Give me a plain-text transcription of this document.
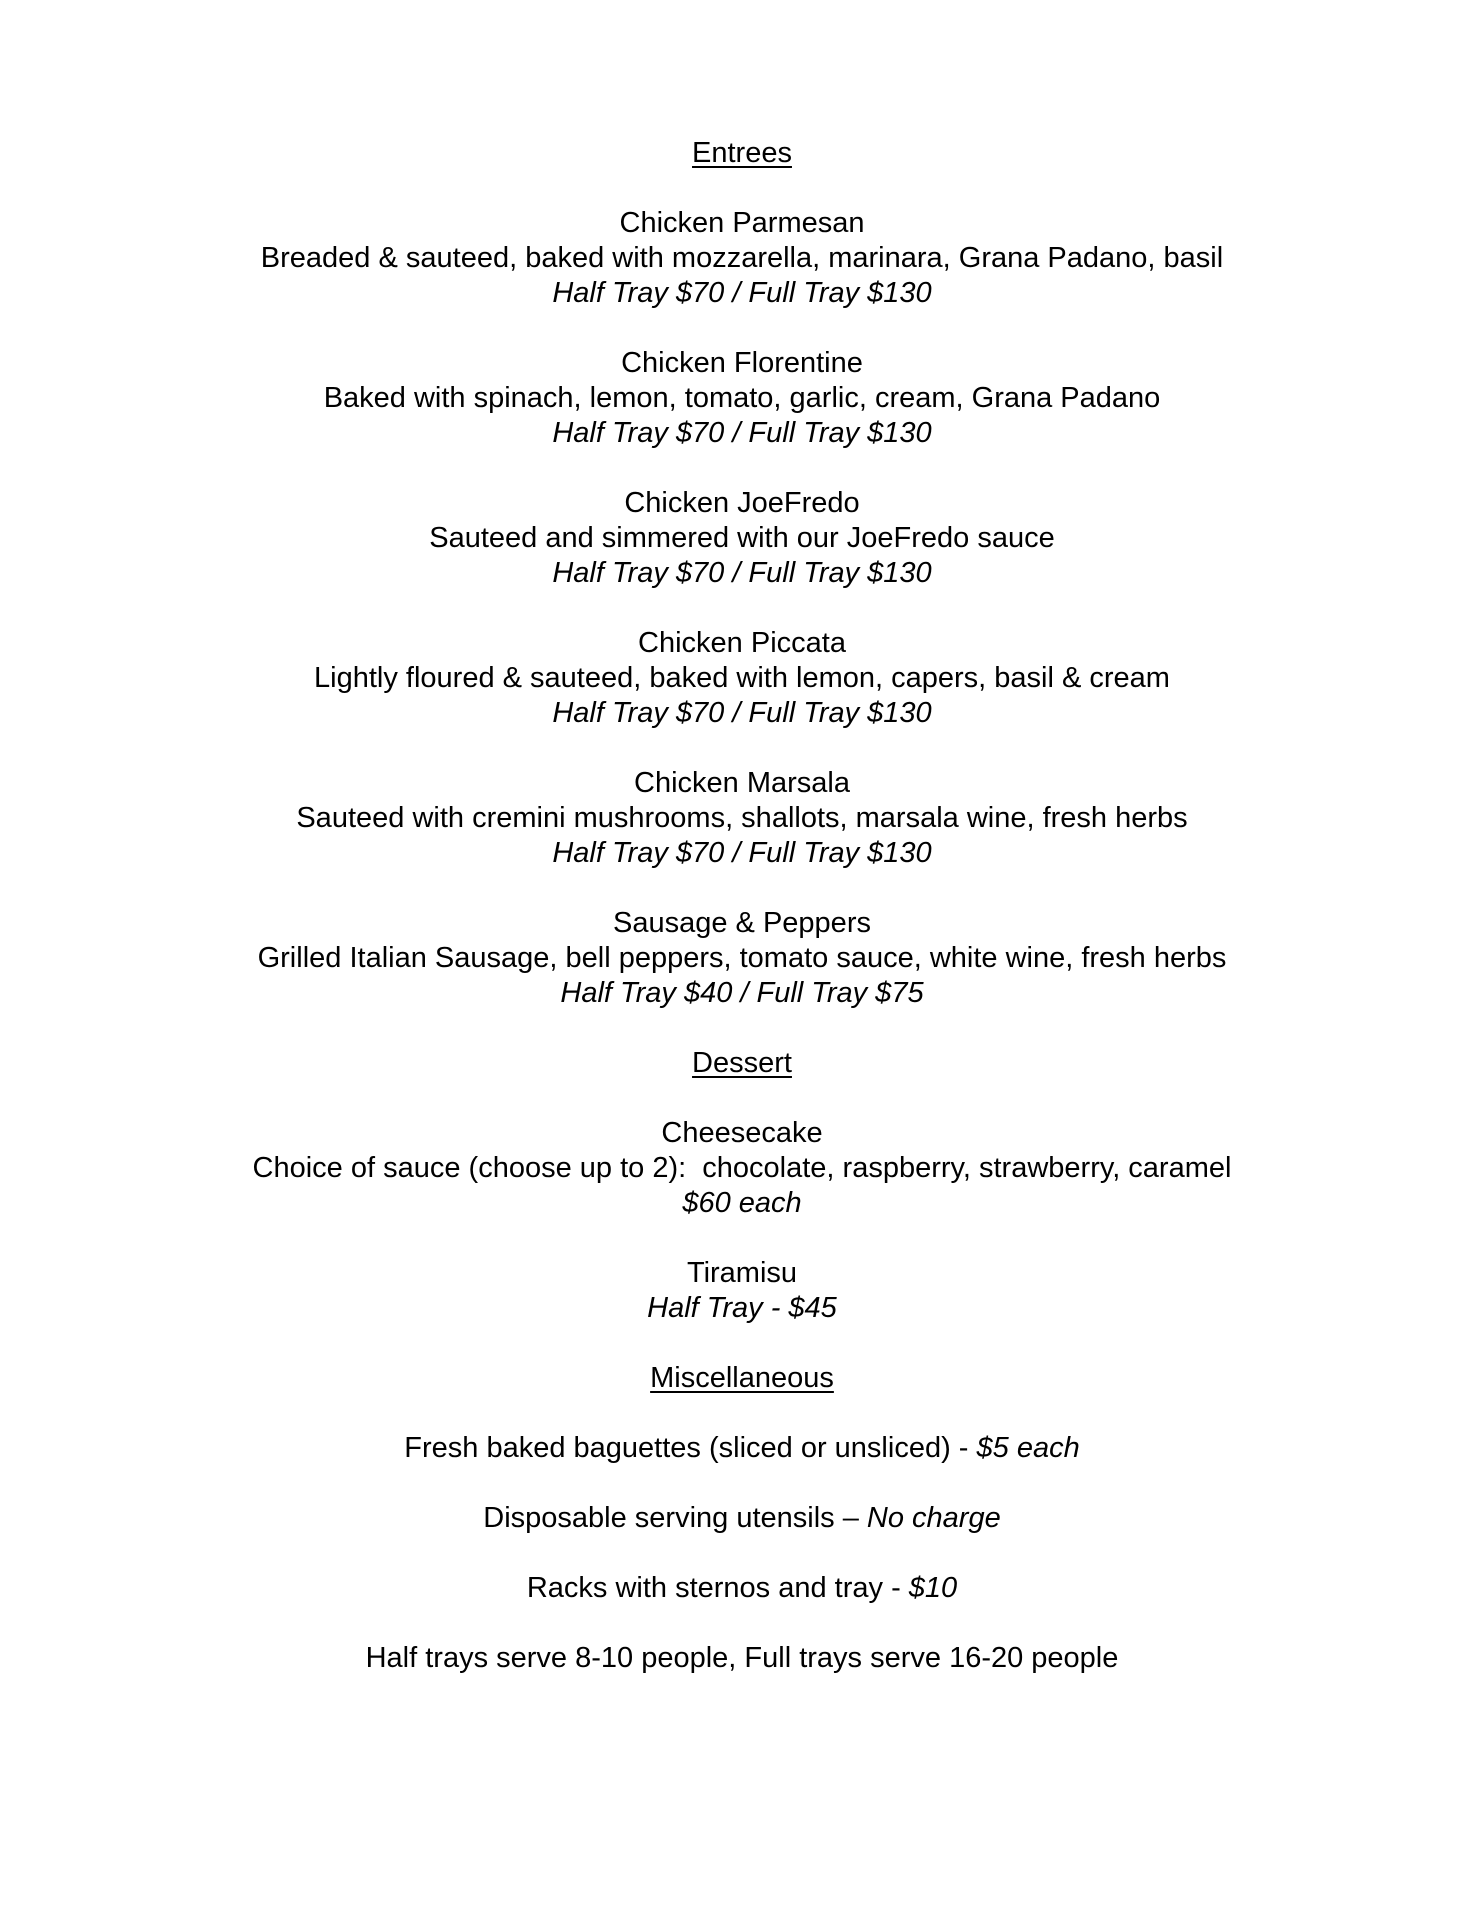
Entrees
Chicken Parmesan
Breaded & sauteed, baked with mozzarella, marinara, Grana Padano, basil
Half Tray $70 / Full Tray $130
Chicken Florentine
Baked with spinach, lemon, tomato, garlic, cream, Grana Padano
Half Tray $70 / Full Tray $130
Chicken JoeFredo
Sauteed and simmered with our JoeFredo sauce
Half Tray $70 / Full Tray $130
Chicken Piccata
Lightly floured & sauteed, baked with lemon, capers, basil & cream
Half Tray $70 / Full Tray $130
Chicken Marsala
Sauteed with cremini mushrooms, shallots, marsala wine, fresh herbs
Half Tray $70 / Full Tray $130
Sausage & Peppers
Grilled Italian Sausage, bell peppers, tomato sauce, white wine, fresh herbs
Half Tray $40 / Full Tray $75
Dessert
Cheesecake
Choice of sauce (choose up to 2):  chocolate, raspberry, strawberry, caramel
$60 each
Tiramisu
Half Tray - $45
Miscellaneous
Fresh baked baguettes (sliced or unsliced) - $5 each
Disposable serving utensils – No charge
Racks with sternos and tray - $10
Half trays serve 8-10 people, Full trays serve 16-20 people
